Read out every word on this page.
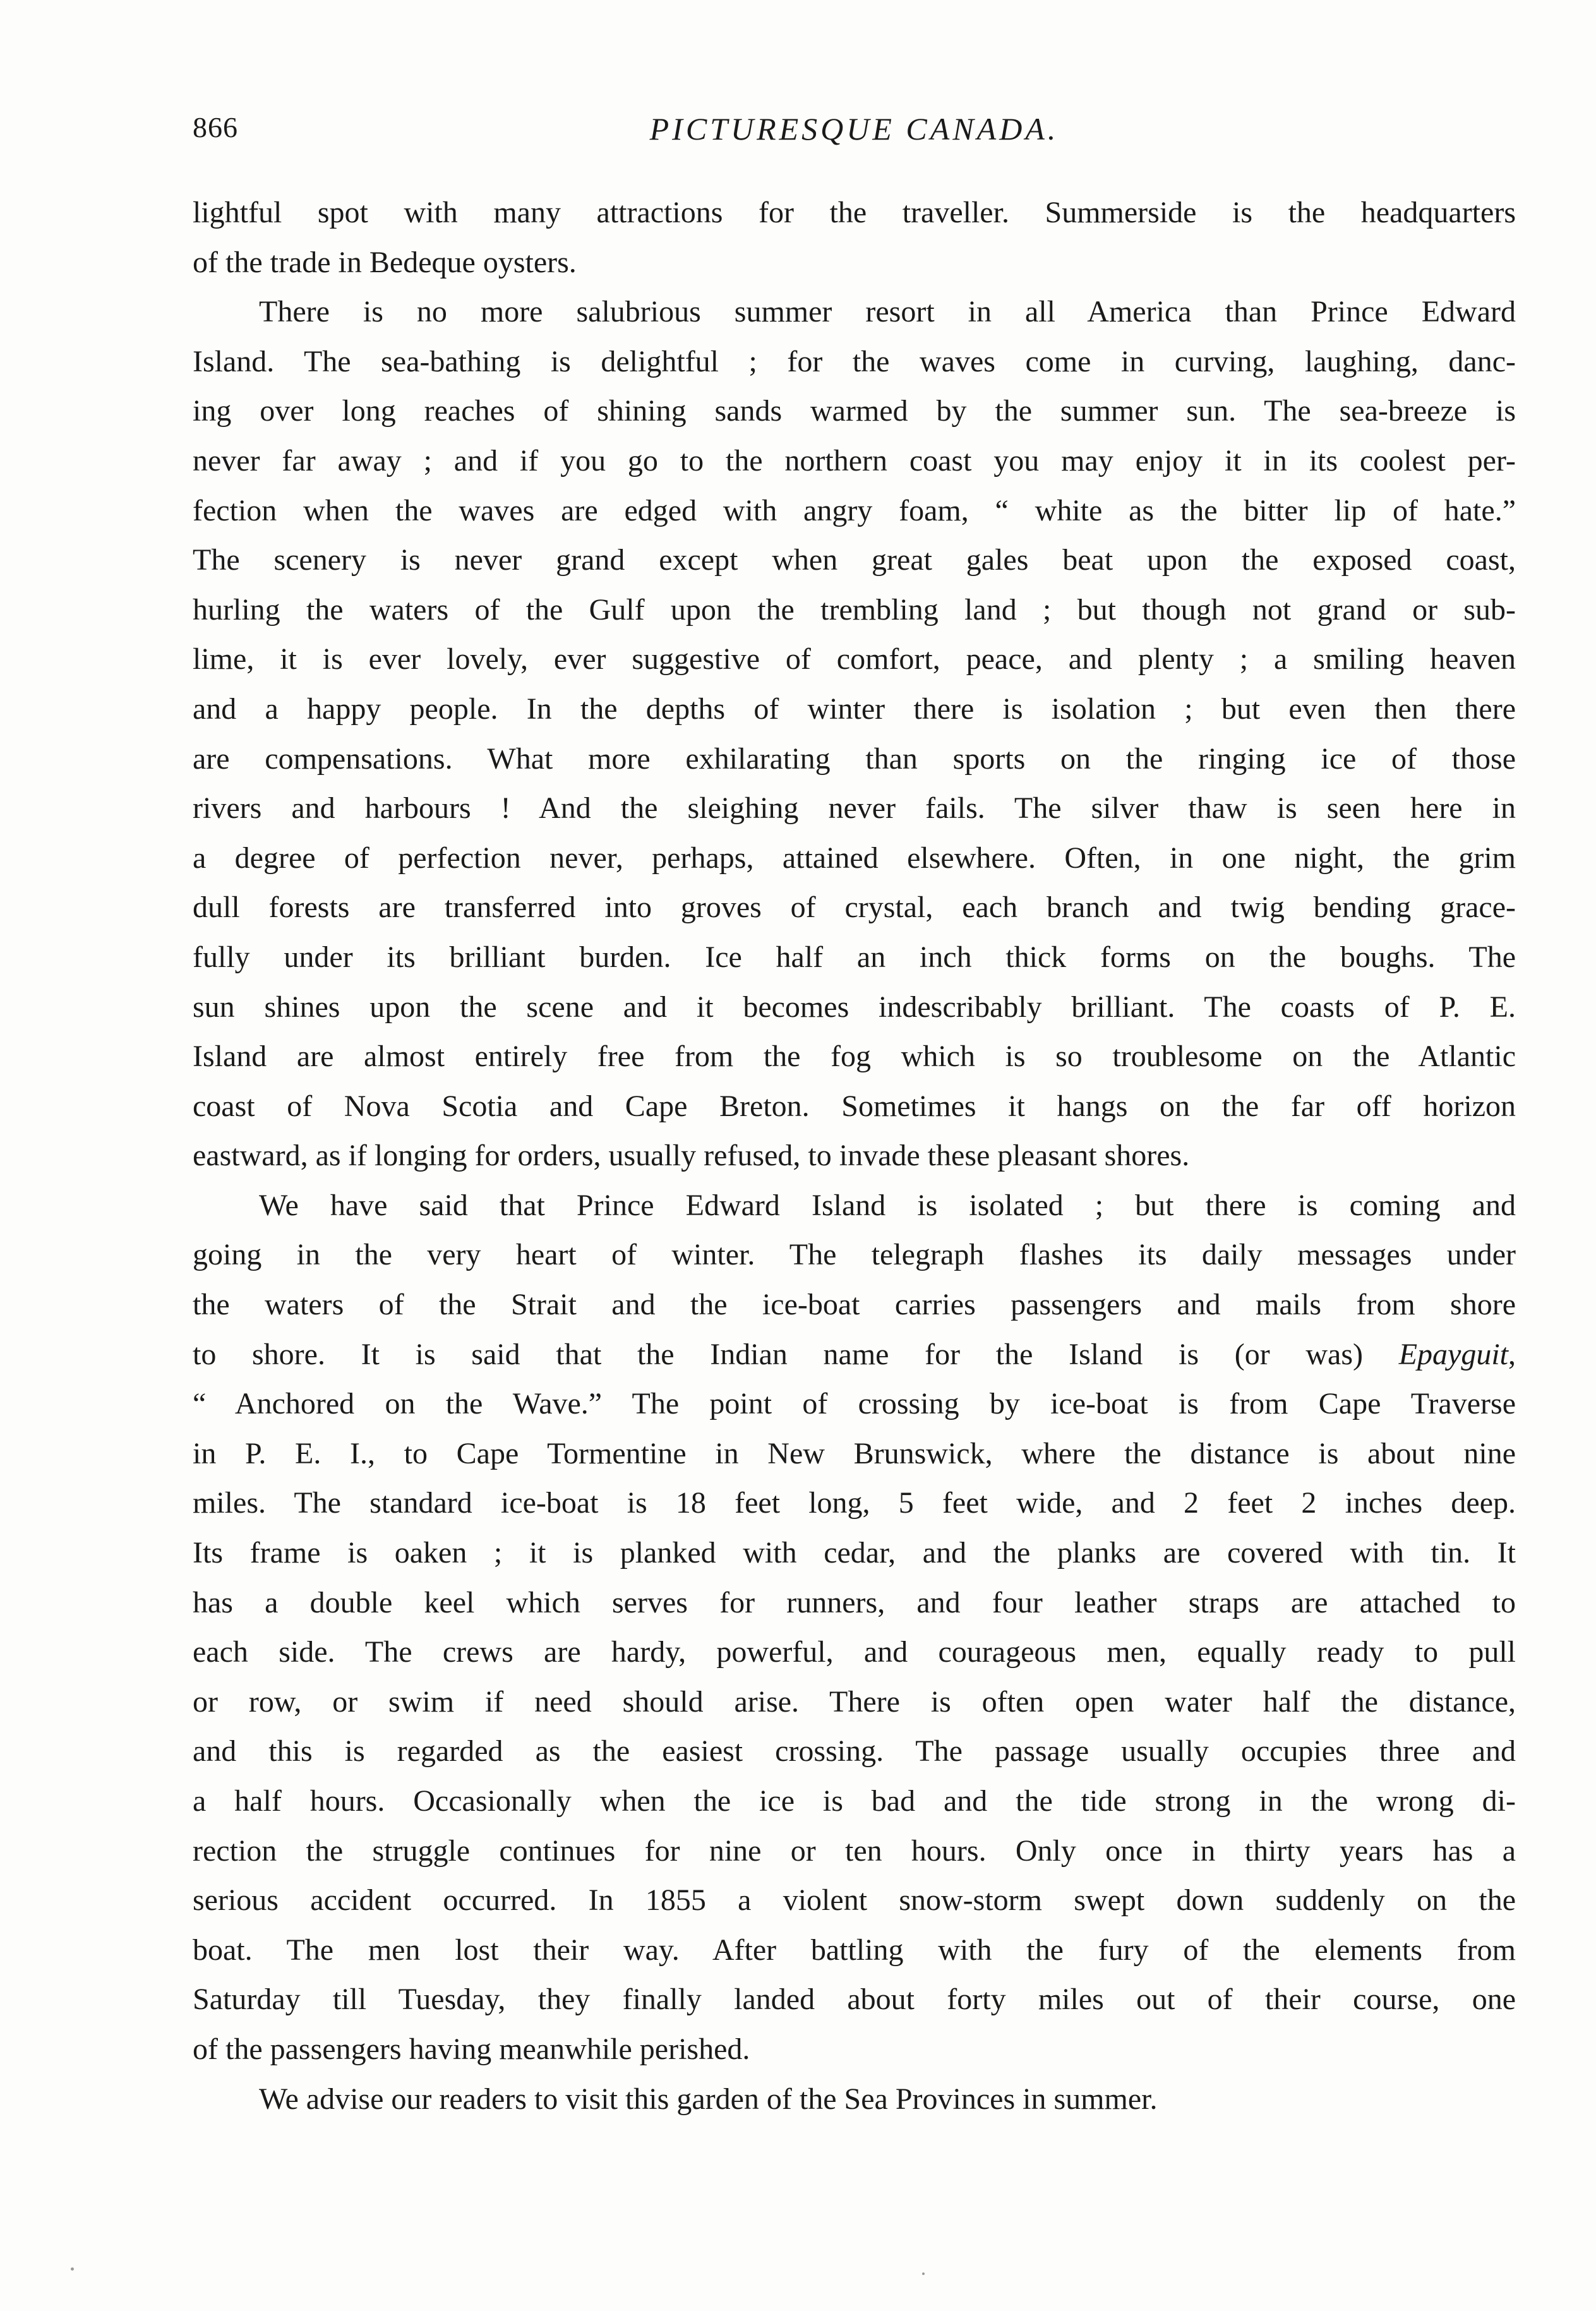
866	PICTURESQUE CANADA.
lightful spot with many attractions for the traveller. Summerside is the headquarters
of the trade in Bedeque oysters.
There is no more salubrious summer resort in all America than Prince Edward
Island. The sea-bathing is delightful ; for the waves come in curving, laughing, danc-
ing over long reaches of shining sands warmed by the summer sun. The sea-breeze is
never far away ; and if you go to the northern coast you may enjoy it in its coolest per-
fection when the waves are edged with angry foam, “ white as the bitter lip of hate.”
The scenery is never grand except when great gales beat upon the exposed coast,
hurling the waters of the Gulf upon the trembling land ; but though not grand or sub-
lime, it is ever lovely, ever suggestive of comfort, peace, and plenty ; a smiling heaven
and a happy people. In the depths of winter there is isolation ; but even then there
are compensations. What more exhilarating than sports on the ringing ice of those
rivers and harbours ! And the sleighing never fails. The silver thaw is seen here in
a degree of perfection never, perhaps, attained elsewhere. Often, in one night, the grim
dull forests are transferred into groves of crystal, each branch and twig bending grace-
fully under its brilliant burden. Ice half an inch thick forms on the boughs. The
sun shines upon the scene and it becomes indescribably brilliant. The coasts of P. E.
Island are almost entirely free from the fog which is so troublesome on the Atlantic
coast of Nova Scotia and Cape Breton. Sometimes it hangs on the far off horizon
eastward, as if longing for orders, usually refused, to invade these pleasant shores.
We have said that Prince Edward Island is isolated ; but there is coming and
going in the very heart of winter. The telegraph flashes its daily messages under
the waters of the Strait and the ice-boat carries passengers and mails from shore
to shore. It is said that the Indian name for the Island is (or was) Epayguit,
“ Anchored on the Wave.” The point of crossing by ice-boat is from Cape Traverse
in P. E. I., to Cape Tormentine in New Brunswick, where the distance is about nine
miles. The standard ice-boat is 18 feet long, 5 feet wide, and 2 feet 2 inches deep.
Its frame is oaken ; it is planked with cedar, and the planks are covered with tin. It
has a double keel which serves for runners, and four leather straps are attached to
each side. The crews are hardy, powerful, and courageous men, equally ready to pull
or row, or swim if need should arise. There is often open water half the distance,
and this is regarded as the easiest crossing. The passage usually occupies three and
a half hours. Occasionally when the ice is bad and the tide strong in the wrong di-
rection the struggle continues for nine or ten hours. Only once in thirty years has a
serious accident occurred. In 1855 a violent snow-storm swept down suddenly on the
boat. The men lost their way. After battling with the fury of the elements from
Saturday till Tuesday, they finally landed about forty miles out of their course, one
of the passengers having meanwhile perished.
We advise our readers to visit this garden of the Sea Provinces in summer.
